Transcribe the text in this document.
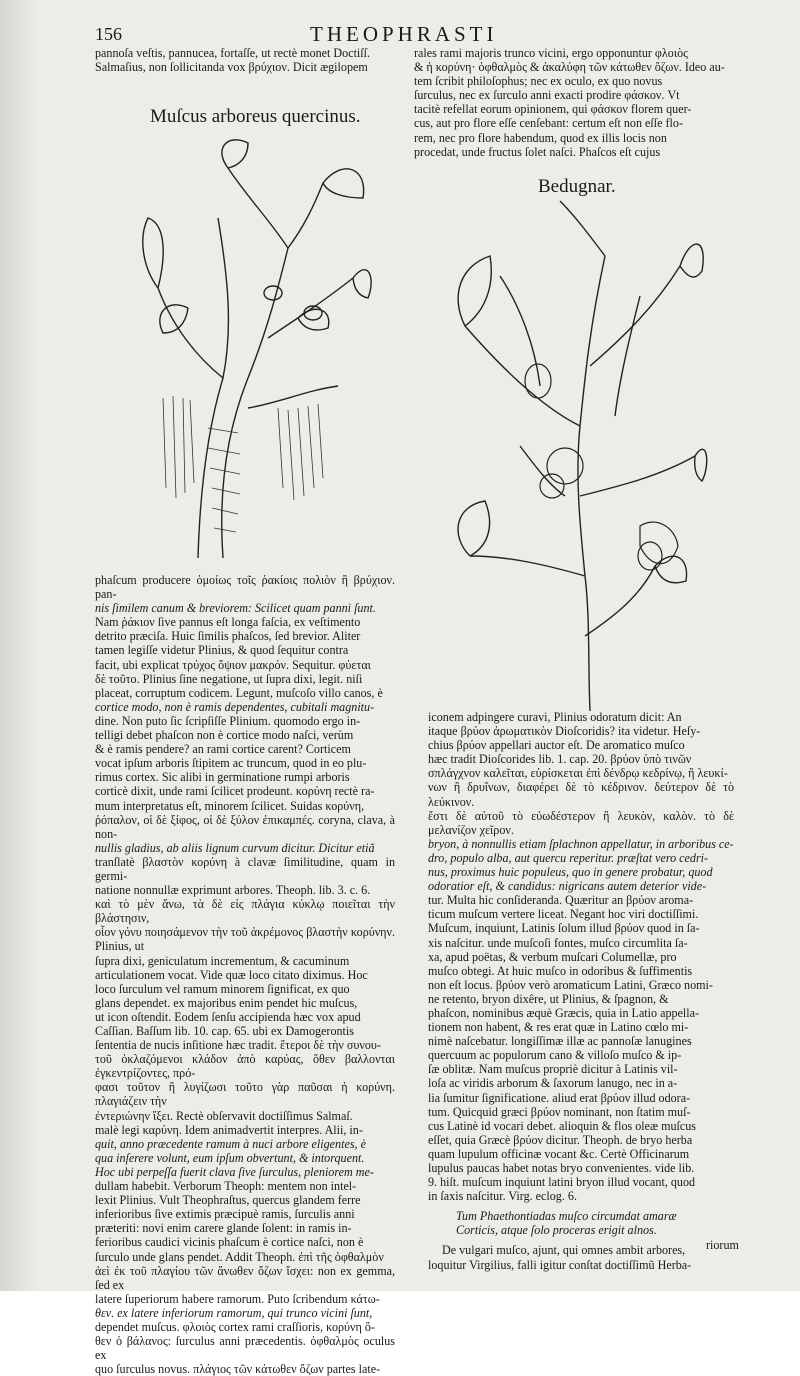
156	THEOPHRASTI

pannoſa veſtis, pannucea, fortaſſe, ut rectè monet Doctiſſ.

Salmaſius, non ſollicitanda vox βρύχιον. Dicit ægilopem

Muſcus arboreus quercinus.

rales rami majoris trunco vicini, ergo opponuntur φλοιὸς

& ἡ κορύνη· ὀφθαλμὸς & ἀκαλύφη τῶν κάτωθεν ὄζων. Ideo au-

tem ſcribit philoſophus; nec ex oculo, ex quo novus

ſurculus, nec ex ſurculo anni exacti prodire φάσκον. Vt

tacitè refellat eorum opinionem, qui φάσκον florem quer-

cus, aut pro flore eſſe cenſebant: certum eſt non eſſe flo-

rem, nec pro flore habendum, quod ex illis locis non

procedat, unde fructus ſolet naſci. Phaſcos eſt cujus

Bedugnar.

phaſcum producere ὁμοίως τοῖς ῥακίοις πολιὸν ἢ βρύχιον. pan-

nis ſimilem canum & breviorem: Scilicet quam panni ſunt.

Nam ῥάκιον ſive pannus eſt longa faſcia, ex veſtimento

detrito præciſa. Huic ſimilis phaſcos, ſed brevior. Aliter

tamen legiſſe videtur Plinius, & quod ſequitur contra

facit, ubi explicat τρύχος ὄψιον μακρόν. Sequitur. φύεται

δὲ τοῦτο. Plinius ſine negatione, ut ſupra dixi, legit. niſi

placeat, corruptum codicem. Legunt, muſcoſo villo canos, è

cortice modo, non è ramis dependentes, cubitali magnitu-

dine. Non puto ſic ſcripſiſſe Plinium. quomodo ergo in-

telligi debet phaſcon non è cortice modo naſci, verùm

& è ramis pendere? an rami cortice carent? Corticem

vocat ipſum arboris ſtipitem ac truncum, quod in eo plu-

rimus cortex. Sic alibi in germinatione rumpi arboris

corticè dixit, unde rami ſcilicet prodeunt. κορύνη rectè ra-

mum interpretatus eſt, minorem ſcilicet. Suidas κορύνη,

ῥόπαλον, οἱ δὲ ξίφος, οἱ δὲ ξύλον ἐπικαμπές. coryna, clava, à non-

nullis gladius, ab aliis lignum curvum dicitur. Dicitur etiã

tranſlatè βλαστὸν κορύνη à clavæ ſimilitudine, quam in germi-

natione nonnullæ exprimunt arbores. Theoph. lib. 3. c. 6.

καὶ τὸ μὲν ἄνω, τὰ δὲ εἰς πλάγια κύκλῳ ποιεῖται τὴν βλάστησιν,

οἷον γόνυ ποιησάμενον τὴν τοῦ ἀκρέμονος βλαστὴν κορύνην. Plinius, ut

ſupra dixi, geniculatum incrementum, & cacuminum

articulationem vocat. Vide quæ loco citato diximus. Hoc

loco ſurculum vel ramum minorem ſignificat, ex quo

glans dependet. ex majoribus enim pendet hic muſcus,

ut icon oſtendit. Eodem ſenſu accipienda hæc vox apud

Caſſian. Baſſum lib. 10. cap. 65. ubi ex Damogerontis

ſententia de nucis inſitione hæc tradit. ἕτεροι δὲ τὴν συνου-

τοῦ ὀκλαζόμενοι κλάδον ἀπὸ καρύας, ὅθεν βαλλονται ἐγκεντρίζοντες, πρό-

φασι τοῦτον ἢ λυγίζωσι τοῦτο γὰρ παῦσαι ἡ κορύνη. πλαγιάζειν τὴν

ἐντεριώνην ἴξει. Rectè obſervavit doctiſſimus Salmaſ.

malè legi καρύνη. Idem animadvertit interpres. Alii, in-

quit, anno præcedente ramum à nuci arbore eligentes, è

qua inſerere volunt, eum ipſum obvertunt, & intorquent.

Hoc ubi perpeſſa fuerit clava ſive ſurculus, pleniorem me-

dullam habebit. Verborum Theoph: mentem non intel-

lexit Plinius. Vult Theophraſtus, quercus glandem ferre

inferioribus ſive extimis præcipuè ramis, ſurculis anni

præteriti: novi enim carere glande ſolent: in ramis in-

ferioribus caudici vicinis phaſcum è cortice naſci, non è

ſurculo unde glans pendet. Addit Theoph. ἐπὶ τῆς ὀφθαλμὸν

ἀεὶ ἐκ τοῦ πλαγίου τῶν ἄνωθεν ὄζων ἴσχει: non ex gemma, ſed ex

latere ſuperiorum habere ramorum. Puto ſcribendum κάτω-

θεν. ex latere inferiorum ramorum, qui trunco vicini ſunt,

dependet muſcus. φλοιὸς cortex rami craſſioris, κορύνη ὅ-

θεν ὁ βάλανος: ſurculus anni præcedentis. ὀφθαλμὸς oculus ex

quo ſurculus novus. πλάγιος τῶν κάτωθεν ὄζων partes late-

iconem adpingere curavi, Plinius odoratum dicit: An

itaque βρύον ἀρωματικὸν Dioſcoridis? ita videtur. Heſy-

chius βρύον appellari auctor eſt. De aromatico muſco

hæc tradit Dioſcorides lib. 1. cap. 20. βρύον ὑπὸ τινῶν

σπλάγχνον καλεῖται, εὑρίσκεται ἐπὶ δένδρῳ κεδρίνῳ, ἢ λευκί-

νων ἢ δρυΐνων, διαφέρει δὲ τὸ κέδρινον. δεύτερον δὲ τὸ λεύκινον.

ἔστι δὲ αὐτοῦ τὸ εὐωδέστερον ἢ λευκὸν, καλὸν. τὸ δὲ μελανίζον χεῖρον.

bryon, à nonnullis etiam ſplachnon appellatur, in arboribus ce-

dro, populo alba, aut quercu reperitur. præſtat vero cedri-

nus, proximus huic populeus, quo in genere probatur, quod

odoratior eſt, & candidus: nigricans autem deterior vide-

tur. Multa hic conſideranda. Quæritur an βρύον aroma-

ticum muſcum vertere liceat. Negant hoc viri doctiſſimi.

Muſcum, inquiunt, Latinis ſolum illud βρύον quod in ſa-

xis naſcitur. unde muſcoſi fontes, muſco circumlita ſa-

xa, apud poëtas, & verbum muſcari Columellæ, pro

muſco obtegi. At huic muſco in odoribus & ſuffimentis

non eſt locus. βρύον verò aromaticum Latini, Græco nomi-

ne retento, bryon dixêre, ut Plinius, & ſpagnon, &

phaſcon, nominibus æquè Græcis, quia in Latio appella-

tionem non habent, & res erat quæ in Latino cœlo mi-

nimè naſcebatur. longiſſimæ illæ ac pannoſæ lanugines

quercuum ac populorum cano & villoſo muſco & ip-

ſæ oblitæ. Nam muſcus propriè dicitur à Latinis vil-

loſa ac viridis arborum & ſaxorum lanugo, nec in a-

lia ſumitur ſignificatione. aliud erat βρύον illud odora-

tum. Quicquid græci βρύον nominant, non ſtatim muſ-

cus Latinè id vocari debet. alioquin & flos oleæ muſcus

eſſet, quia Græcè βρύον dicitur. Theoph. de bryo herba

quam lupulum officinæ vocant &c. Certè Officinarum

lupulus paucas habet notas bryo convenientes. vide lib.

9. hiſt. muſcum inquiunt latini bryon illud vocant, quod

in ſaxis naſcitur. Virg. eclog. 6.

Tum Phaethontiadas muſco circumdat amaræ

Corticis, atque ſolo proceras erigit alnos.

De vulgari muſco, ajunt, qui omnes ambit arbores,

loquitur Virgilius, falli igitur conſtat doctiſſimũ Herba-

riorum
